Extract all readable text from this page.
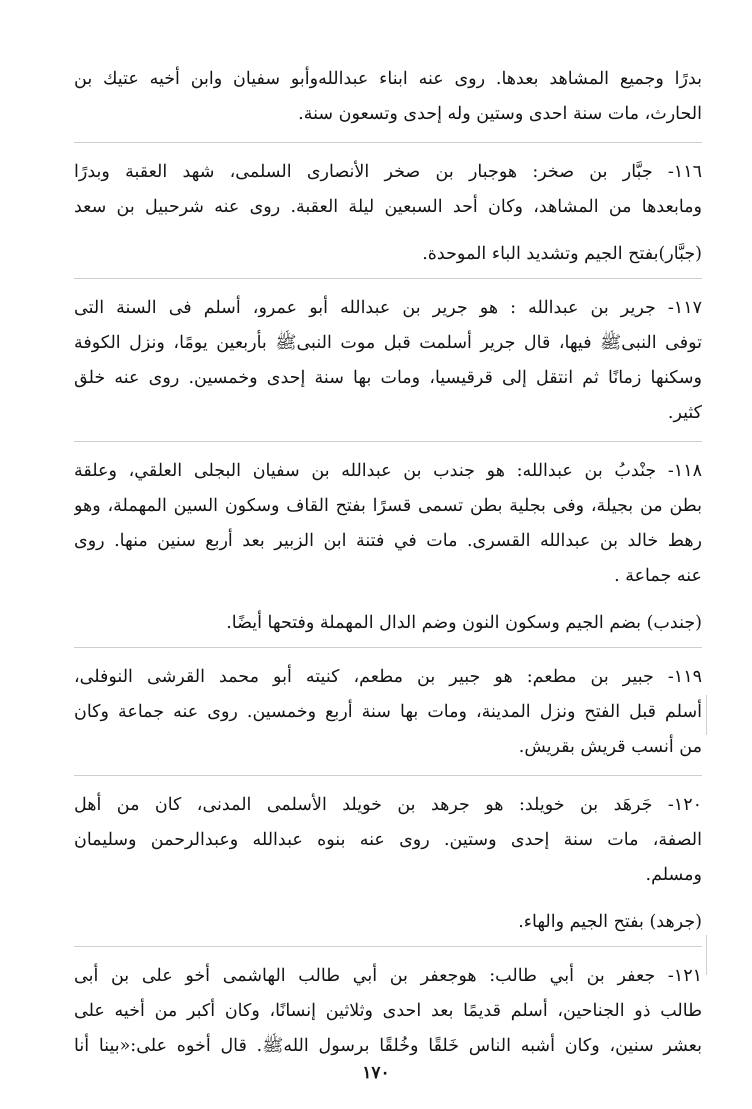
بدرًا وجميع المشاهد بعدها. روى عنه ابناء عبدالله‌وأبو سفيان وابن أخيه عتيك بن
الحارث، مات سنة احدى وستين وله إحدى وتسعون سنة.
١١٦- جبَّار بن صخر: هوجبار بن صخر الأنصارى السلمى، شهد العقبة وبدرًا
ومابعدها من المشاهد، وكان أحد السبعين ليلة العقبة. روى عنه شرحبيل بن سعد
(جبَّار)بفتح الجيم وتشديد الباء الموحدة.
١١٧- جرير بن عبدالله : هو جرير بن عبدالله أبو عمرو، أسلم فى السنة التى
توفى النبىﷺ فيها، قال جرير أسلمت قبل موت النبىﷺ بأربعين يومًا، ونزل الكوفة
وسكنها زمانًا ثم انتقل إلى قرقيسيا، ومات بها سنة إحدى وخمسين. روى عنه خلق
كثير.
١١٨- جنْدبُ بن عبدالله: هو جندب بن عبدالله بن سفيان البجلى العلقي، وعلقة
بطن من بجيلة، وفى بجلية بطن تسمى قسرًا بفتح القاف وسكون السين المهملة، وهو
رهط خالد بن عبدالله القسرى. مات في فتنة ابن الزبير بعد أربع سنين منها. روى
عنه جماعة .
(جندب) بضم الجيم وسكون النون وضم الدال المهملة وفتحها أيضًا.
١١٩- جبير بن مطعم: هو جبير بن مطعم، كنيته أبو محمد القرشى النوفلى،
أسلم قبل الفتح ونزل المدينة، ومات بها سنة أربع وخمسين. روى عنه جماعة وكان
من أنسب قريش بقريش.
١٢٠- جَرهَد بن خويلد: هو جرهد بن خويلد الأسلمى المدنى، كان من أهل
الصفة، مات سنة إحدى وستين. روى عنه بنوه عبدالله وعبدالرحمن وسليمان
ومسلم.
(جرهد) بفتح الجيم والهاء.
١٢١- جعفر بن أبي طالب: هوجعفر بن أبي طالب الهاشمى أخو على بن أبى
طالب ذو الجناحين، أسلم قديمًا بعد احدى وثلاثين إنسانًا، وكان أكبر من أخيه على
بعشر سنين، وكان أشبه الناس خَلقًا وخُلقًا برسول اللهﷺ. قال أخوه على:«بينا أنا
١٧٠
